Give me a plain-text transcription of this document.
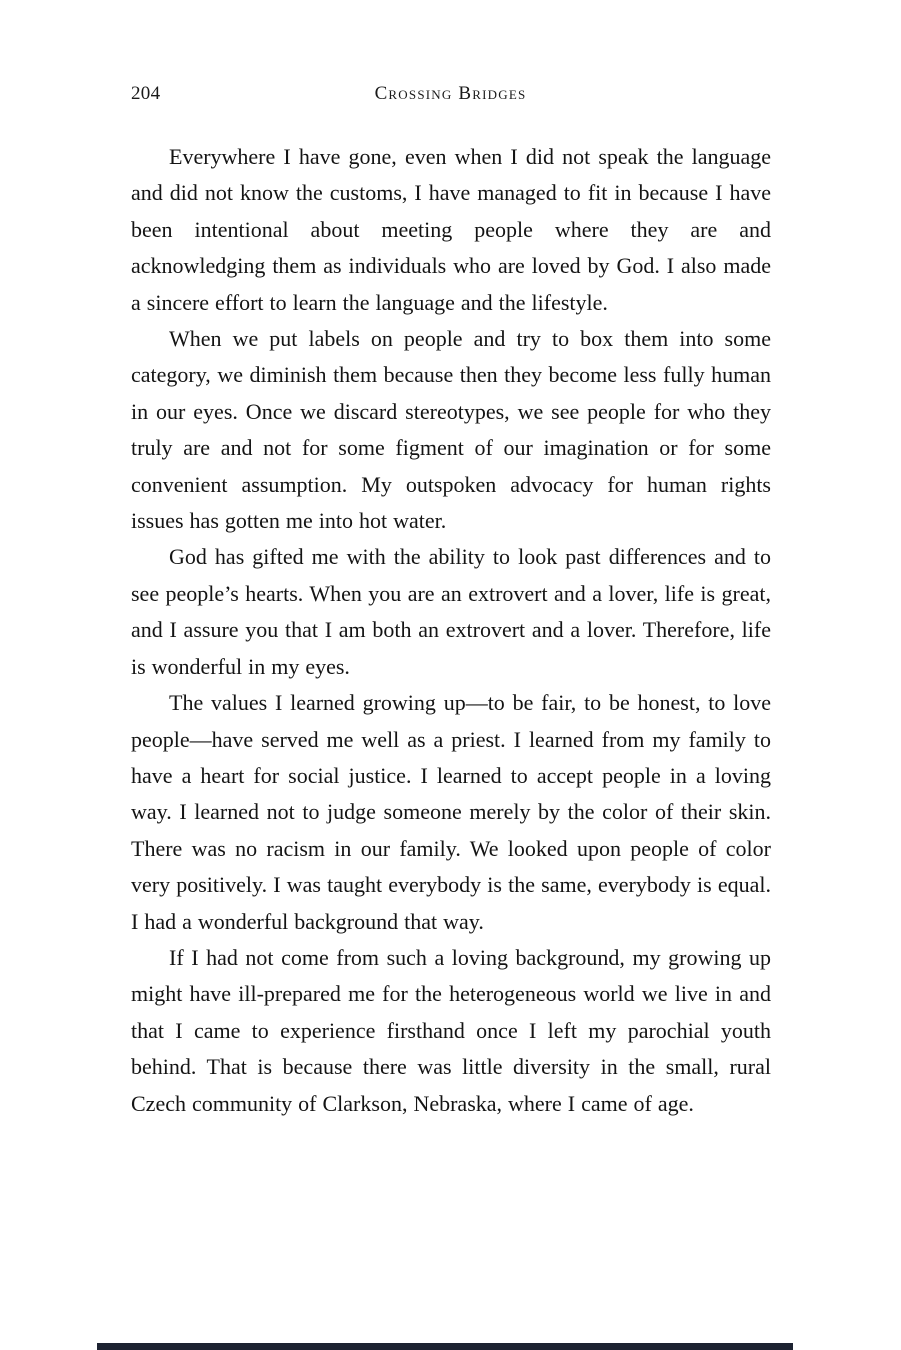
204	Crossing Bridges

Everywhere I have gone, even when I did not speak the language and did not know the customs, I have managed to fit in because I have been intentional about meeting people where they are and acknowledging them as individuals who are loved by God. I also made a sincere effort to learn the language and the lifestyle.

When we put labels on people and try to box them into some category, we diminish them because then they become less fully human in our eyes. Once we discard stereotypes, we see people for who they truly are and not for some figment of our imagination or for some convenient assumption. My outspoken advocacy for human rights issues has gotten me into hot water.

God has gifted me with the ability to look past differences and to see people’s hearts. When you are an extrovert and a lover, life is great, and I assure you that I am both an extrovert and a lover. Therefore, life is wonderful in my eyes.

The values I learned growing up—to be fair, to be honest, to love people—have served me well as a priest. I learned from my family to have a heart for social justice. I learned to accept people in a loving way. I learned not to judge someone merely by the color of their skin. There was no racism in our family. We looked upon people of color very positively. I was taught everybody is the same, everybody is equal. I had a wonderful background that way.

If I had not come from such a loving background, my growing up might have ill-prepared me for the heterogeneous world we live in and that I came to experience firsthand once I left my parochial youth behind. That is because there was little diversity in the small, rural Czech community of Clarkson, Nebraska, where I came of age.
